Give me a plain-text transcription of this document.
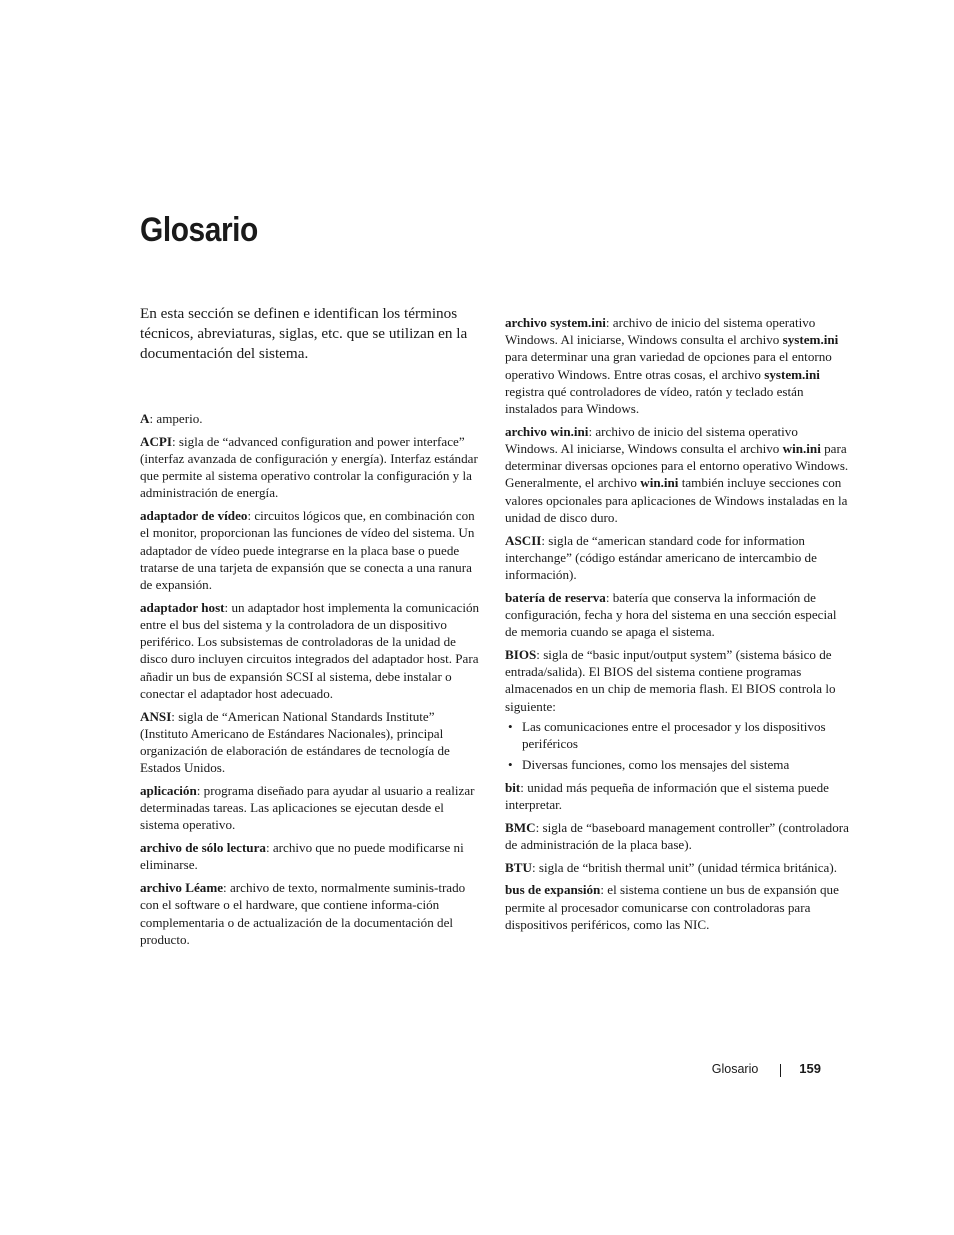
Glosario

En esta sección se definen e identifican los términos técnicos, abreviaturas, siglas, etc. que se utilizan en la documentación del sistema.

A: amperio.

ACPI: sigla de “advanced configuration and power interface” (interfaz avanzada de configuración y energía). Interfaz estándar que permite al sistema operativo controlar la configuración y la administración de energía.

adaptador de vídeo: circuitos lógicos que, en combinación con el monitor, proporcionan las funciones de vídeo del sistema. Un adaptador de vídeo puede integrarse en la placa base o puede tratarse de una tarjeta de expansión que se conecta a una ranura de expansión.

adaptador host: un adaptador host implementa la comunicación entre el bus del sistema y la controladora de un dispositivo periférico. Los subsistemas de controladoras de la unidad de disco duro incluyen circuitos integrados del adaptador host. Para añadir un bus de expansión SCSI al sistema, debe instalar o conectar el adaptador host adecuado.

ANSI: sigla de “American National Standards Institute” (Instituto Americano de Estándares Nacionales), principal organización de elaboración de estándares de tecnología de Estados Unidos.

aplicación: programa diseñado para ayudar al usuario a realizar determinadas tareas. Las aplicaciones se ejecutan desde el sistema operativo.

archivo de sólo lectura: archivo que no puede modificarse ni eliminarse.

archivo Léame: archivo de texto, normalmente suminis-trado con el software o el hardware, que contiene informa-ción complementaria o de actualización de la documentación del producto.

archivo system.ini: archivo de inicio del sistema operativo Windows. Al iniciarse, Windows consulta el archivo system.ini para determinar una gran variedad de opciones para el entorno operativo Windows. Entre otras cosas, el archivo system.ini registra qué controladores de vídeo, ratón y teclado están instalados para Windows.

archivo win.ini: archivo de inicio del sistema operativo Windows. Al iniciarse, Windows consulta el archivo win.ini para determinar diversas opciones para el entorno operativo Windows. Generalmente, el archivo win.ini también incluye secciones con valores opcionales para aplicaciones de Windows instaladas en la unidad de disco duro.

ASCII: sigla de “american standard code for information interchange” (código estándar americano de intercambio de información).

batería de reserva: batería que conserva la información de configuración, fecha y hora del sistema en una sección especial de memoria cuando se apaga el sistema.

BIOS: sigla de “basic input/output system” (sistema básico de entrada/salida). El BIOS del sistema contiene programas almacenados en un chip de memoria flash. El BIOS controla lo siguiente:

• Las comunicaciones entre el procesador y los dispositivos periféricos
• Diversas funciones, como los mensajes del sistema

bit: unidad más pequeña de información que el sistema puede interpretar.

BMC: sigla de “baseboard management controller” (controladora de administración de la placa base).

BTU: sigla de “british thermal unit” (unidad térmica británica).

bus de expansión: el sistema contiene un bus de expansión que permite al procesador comunicarse con controladoras para dispositivos periféricos, como las NIC.

Glosario	159
